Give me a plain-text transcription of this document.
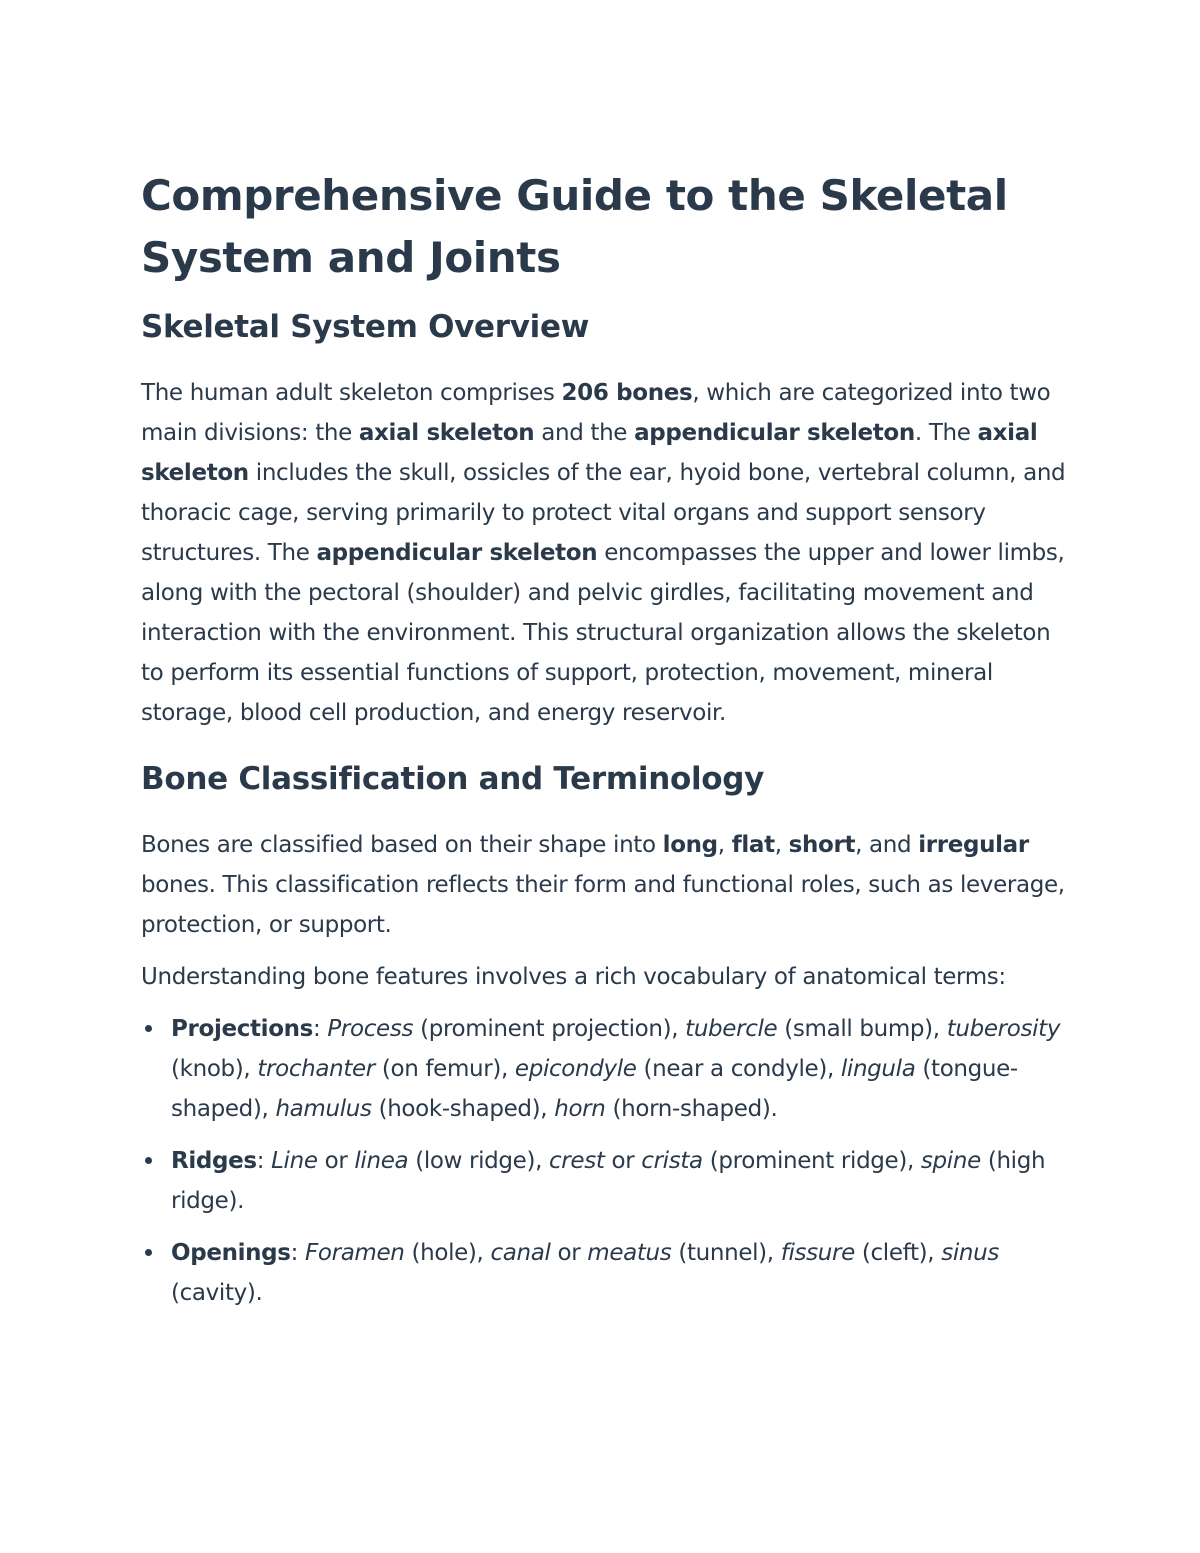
Comprehensive Guide to the Skeletal System and Joints
Skeletal System Overview

The human adult skeleton comprises 206 bones, which are categorized into two main divisions: the axial skeleton and the appendicular skeleton. The axial skeleton includes the skull, ossicles of the ear, hyoid bone, vertebral column, and thoracic cage, serving primarily to protect vital organs and support sensory structures. The appendicular skeleton encompasses the upper and lower limbs, along with the pectoral (shoulder) and pelvic girdles, facilitating movement and interaction with the environment. This structural organization allows the skeleton to perform its essential functions of support, protection, movement, mineral storage, blood cell production, and energy reservoir.

Bone Classification and Terminology

Bones are classified based on their shape into long, flat, short, and irregular bones. This classification reflects their form and functional roles, such as leverage, protection, or support.

Understanding bone features involves a rich vocabulary of anatomical terms:

Projections: Process (prominent projection), tubercle (small bump), tuberosity (knob), trochanter (on femur), epicondyle (near a condyle), lingula (tongue-shaped), hamulus (hook-shaped), horn (horn-shaped).
Ridges: Line or linea (low ridge), crest or crista (prominent ridge), spine (high ridge).
Openings: Foramen (hole), canal or meatus (tunnel), fissure (cleft), sinus (cavity).
